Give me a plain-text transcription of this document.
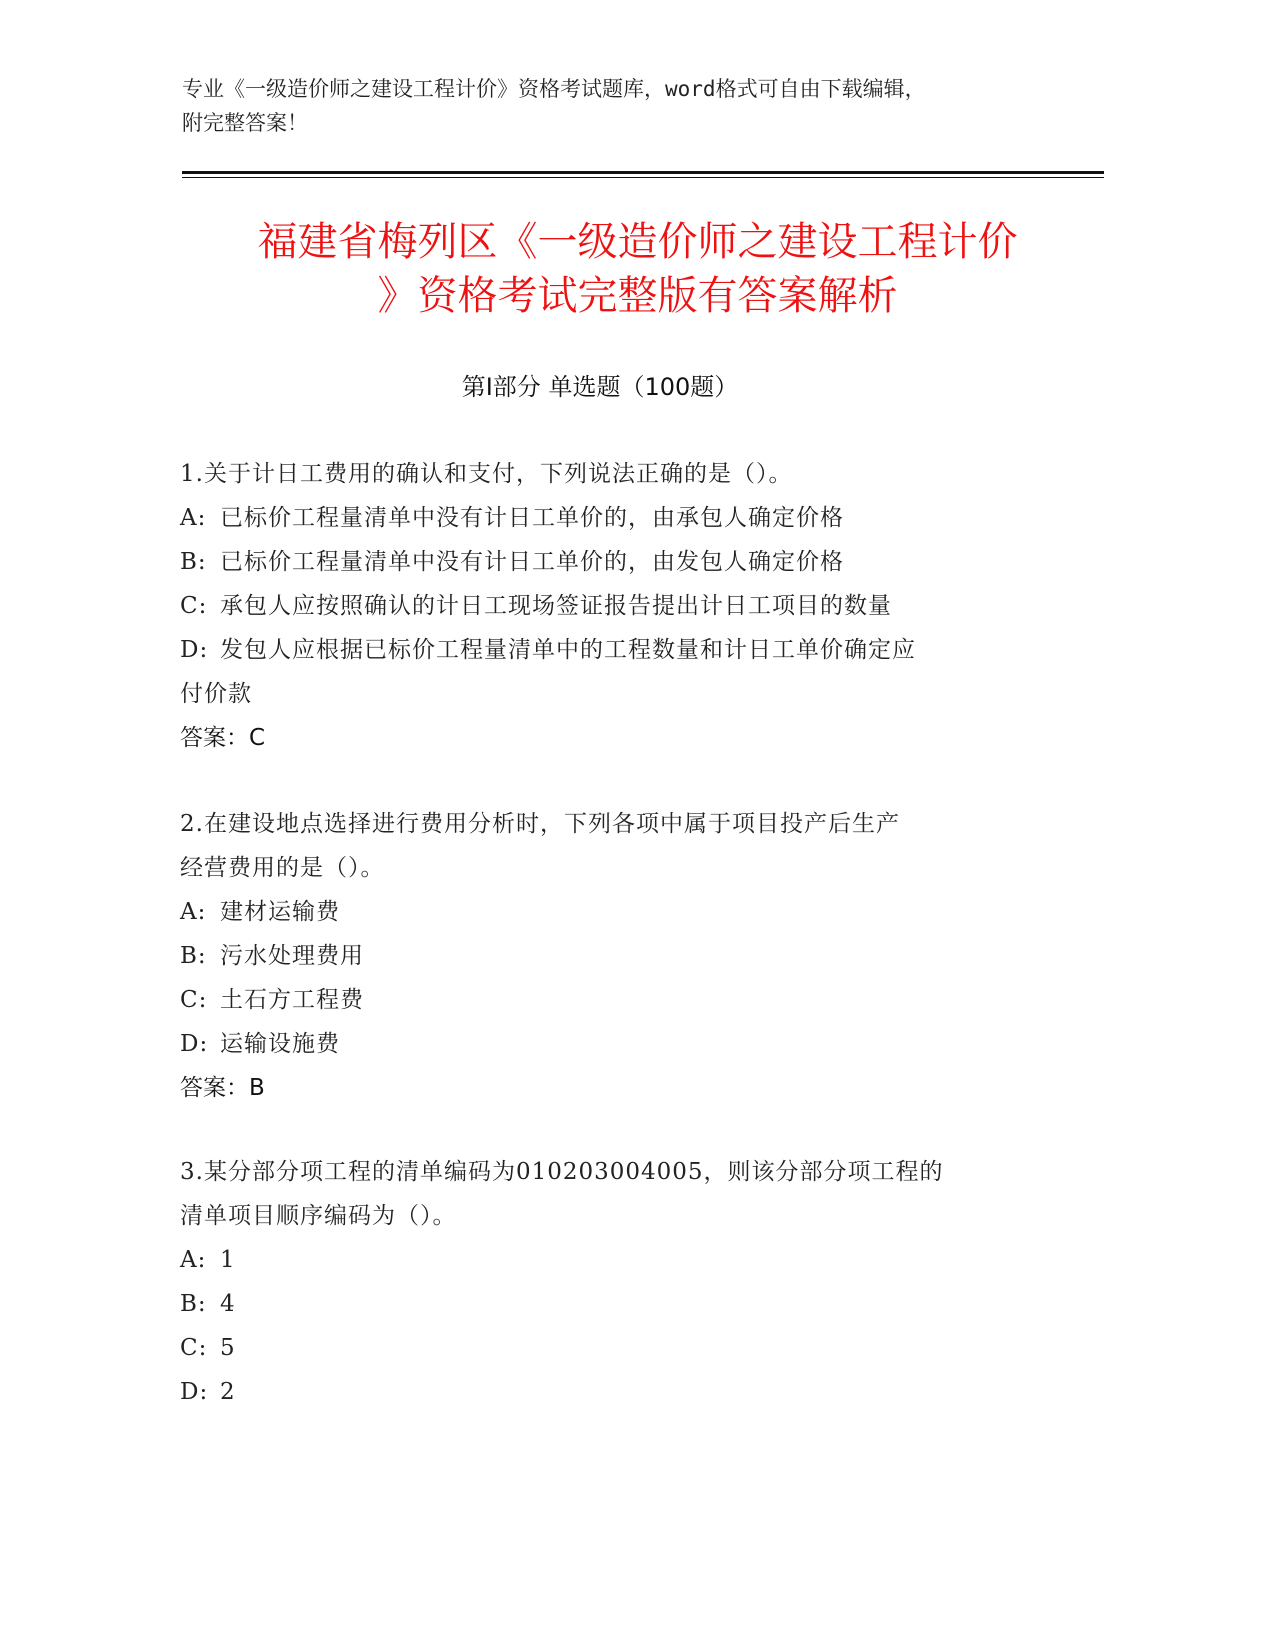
专业《一级造价师之建设工程计价》资格考试题库，word格式可自由下载编辑，
附完整答案！
福建省梅列区《一级造价师之建设工程计价
》资格考试完整版有答案解析
第Ⅰ部分 单选题（100题）
1.关于计日工费用的确认和支付，下列说法正确的是（）。
A: 已标价工程量清单中没有计日工单价的，由承包人确定价格
B: 已标价工程量清单中没有计日工单价的，由发包人确定价格
C: 承包人应按照确认的计日工现场签证报告提出计日工项目的数量
D: 发包人应根据已标价工程量清单中的工程数量和计日工单价确定应
付价款
答案：C
2.在建设地点选择进行费用分析时，下列各项中属于项目投产后生产
经营费用的是（）。
A: 建材运输费
B: 污水处理费用
C: 土石方工程费
D: 运输设施费
答案：B
3.某分部分项工程的清单编码为010203004005，则该分部分项工程的
清单项目顺序编码为（）。
A: 1
B: 4
C: 5
D: 2
